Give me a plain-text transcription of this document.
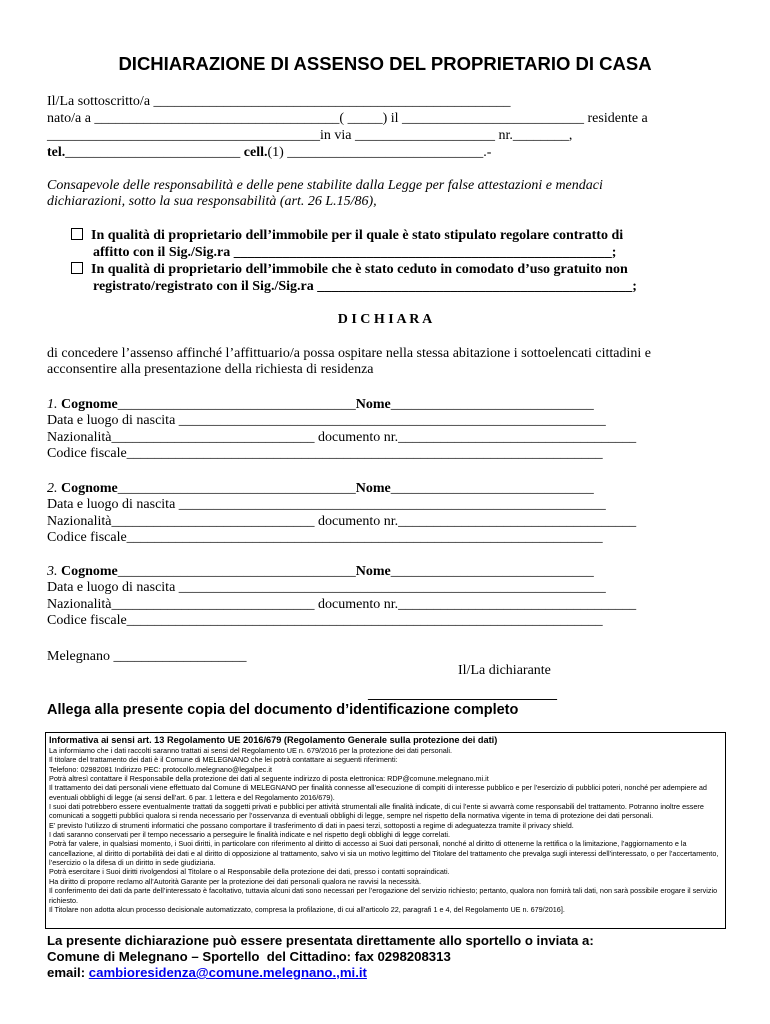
DICHIARAZIONE DI ASSENSO DEL PROPRIETARIO DI CASA
Il/La sottoscritto/a ___________________________________________________
nato/a a ___________________________________( _____) il __________________________ residente a
_______________________________________in via ____________________ nr.________,
tel._________________________ cell.(1) ____________________________.-
Consapevole delle responsabilità e delle pene stabilite dalla Legge per false attestazioni e mendaci
dichiarazioni, sotto la sua responsabilità (art. 26 L.15/86),
In qualità di proprietario dell’immobile per il quale è stato stipulato regolare contratto di
affitto con il Sig./Sig.ra ______________________________________________________;
In qualità di proprietario dell’immobile che è stato ceduto in comodato d’uso gratuito non
registrato/registrato con il Sig./Sig.ra _____________________________________________;
D I C H I A R A
di concedere l’assenso affinché l’affittuario/a possa ospitare nella stessa abitazione i sottoelencati cittadini e
acconsentire alla presentazione della richiesta di residenza
1. Cognome__________________________________Nome_____________________________
Data e luogo di nascita _____________________________________________________________
Nazionalità_____________________________ documento nr.__________________________________
Codice fiscale____________________________________________________________________
2. Cognome__________________________________Nome_____________________________
Data e luogo di nascita _____________________________________________________________
Nazionalità_____________________________ documento nr.__________________________________
Codice fiscale____________________________________________________________________
3. Cognome__________________________________Nome_____________________________
Data e luogo di nascita _____________________________________________________________
Nazionalità_____________________________ documento nr.__________________________________
Codice fiscale____________________________________________________________________
Melegnano ___________________
Il/La dichiarante
___________________________
Allega alla presente copia del documento d’identificazione completo
Informativa ai sensi art. 13 Regolamento UE 2016/679 (Regolamento Generale sulla protezione dei dati)
La informiamo che i dati raccolti saranno trattati ai sensi del Regolamento UE n. 679/2016 per la protezione dei dati personali.
Il titolare del trattamento dei dati è il Comune di MELEGNANO che lei potrà contattare ai seguenti riferimenti:
Telefono: 02982081 Indirizzo PEC: protocollo.melegnano@legalpec.it
Potrà altresì contattare il Responsabile della protezione dei dati al seguente indirizzo di posta elettronica: RDP@comune.melegnano.mi.it
Il trattamento dei dati personali viene effettuato dal Comune di MELEGNANO per finalità connesse all’esecuzione di compiti di interesse pubblico e per l’esercizio di pubblici poteri, nonché per adempiere ad eventuali obblighi di legge (ai sensi dell’art. 6 par. 1 lettera e del Regolamento 2016/679).
I suoi dati potrebbero essere eventualmente trattati da soggetti privati e pubblici per attività strumentali alle finalità indicate, di cui l’ente si avvarrà come responsabili del trattamento. Potranno inoltre essere comunicati a soggetti pubblici qualora si renda necessario per l’osservanza di eventuali obblighi di legge, sempre nel rispetto della normativa vigente in tema di protezione dei dati personali.
E’ previsto l’utilizzo di strumenti informatici che possano comportare il trasferimento di dati in paesi terzi, sottoposti a regime di adeguatezza tramite il privacy shield.
I dati saranno conservati per il tempo necessario a perseguire le finalità indicate e nel rispetto degli obblighi di legge correlati.
Potrà far valere, in qualsiasi momento, i Suoi diritti, in particolare con riferimento al diritto di accesso ai Suoi dati personali, nonché al diritto di ottenerne la rettifica o la limitazione, l’aggiornamento e la cancellazione, al diritto di portabilità dei dati e al diritto di opposizione al trattamento, salvo vi sia un motivo legittimo del Titolare del trattamento che prevalga sugli interessi dell’interessato, o per l’accertamento, l’esercizio o la difesa di un diritto in sede giudiziaria.
Potrà esercitare i Suoi diritti rivolgendosi al Titolare o al Responsabile della protezione dei dati, presso i contatti sopraindicati.
Ha diritto di proporre reclamo all’Autorità Garante per la protezione dei dati personali qualora ne ravvisi la necessità.
Il conferimento dei dati da parte dell’interessato è facoltativo, tuttavia alcuni dati sono necessari per l’erogazione del servizio richiesto; pertanto, qualora non fornirà tali dati, non sarà possibile erogare il servizio richiesto.
Il Titolare non adotta alcun processo decisionale automatizzato, compresa la profilazione, di cui all’articolo 22, paragrafi 1 e 4, del Regolamento UE n. 679/2016].
La presente dichiarazione può essere presentata direttamente allo sportello o inviata a:
Comune di Melegnano – Sportello  del Cittadino: fax 0298208313
email: cambioresidenza@comune.melegnano.,mi.it
